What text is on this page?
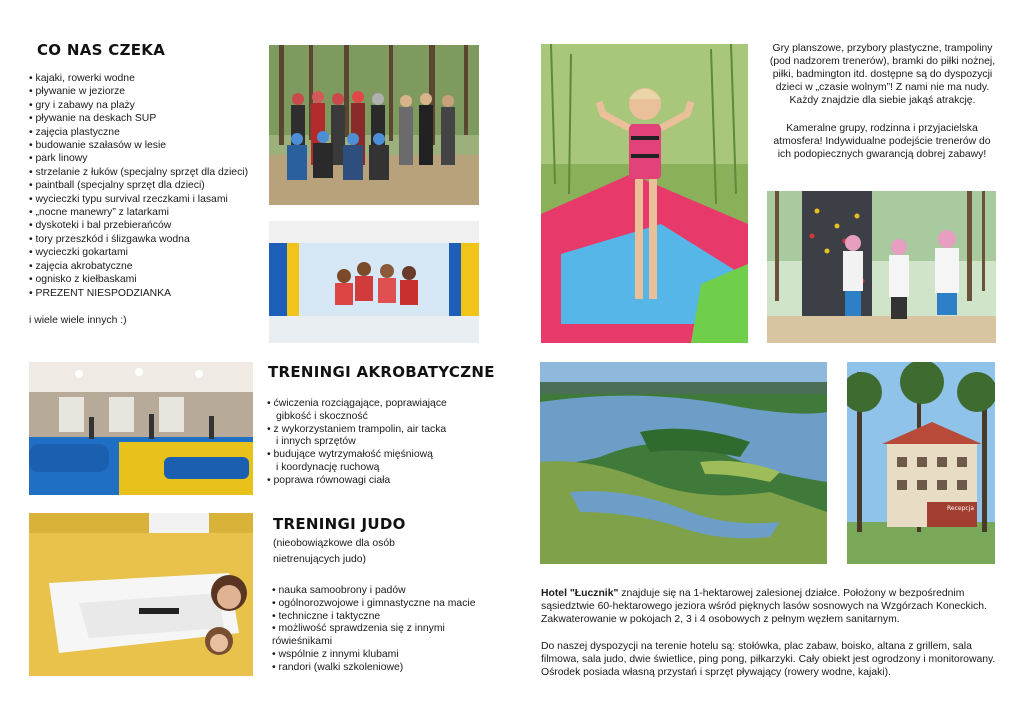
CO NAS CZEKA
• kajaki, rowerki wodne
• pływanie w jeziorze
• gry i zabawy na plaży
• pływanie na deskach SUP
• zajęcia plastyczne
• budowanie szałasów w lesie
• park linowy
• strzelanie z łuków (specjalny sprzęt dla dzieci)
• paintball (specjalny sprzęt dla dzieci)
• wycieczki typu survival rzeczkami i lasami
• „nocne manewry” z latarkami
• dyskoteki i bal przebierańców
• tory przeszkód i ślizgawka wodna
• wycieczki gokartami
• zajęcia akrobatyczne
• ognisko z kiełbaskami
• PREZENT NIESPODZIANKA

i wiele wiele innych :)

TRENINGI AKROBATYCZNE
• ćwiczenia rozciągające, poprawiające
gibkość i skoczność
• z wykorzystaniem trampolin, air tacka
i innych sprzętów
• budujące wytrzymałość mięśniową
i koordynację ruchową
• poprawa równowagi ciała
TRENINGI JUDO

(nieobowiązkowe dla osób

nietrenujących judo)

• nauka samoobrony i padów
• ogólnorozwojowe i gimnastyczne na macie
• techniczne i taktyczne
• możliwość sprawdzenia się z innymi
rówieśnikami
• wspólnie z innymi klubami
• randori (walki szkoleniowe)

Gry planszowe, przybory plastyczne, trampoliny (pod nadzorem trenerów), bramki do piłki nożnej, piłki, badmington itd. dostępne są do dyspozycji dzieci w „czasie wolnym”! Z nami nie ma nudy. Każdy znajdzie dla siebie jakąś atrakcję.

Kameralne grupy, rodzinna i przyjacielska atmosfera! Indywidualne podejście trenerów do ich podopiecznych gwarancją dobrej zabawy!

Recepcja

Hotel "Łucznik" znajduje się na 1-hektarowej zalesionej działce. Położony w bezpośrednim sąsiedztwie 60-hektarowego jeziora wśród pięknych lasów sosnowych na Wzgórzach Koneckich. Zakwaterowanie w pokojach 2, 3 i 4 osobowych z pełnym węzłem sanitarnym.

Do naszej dyspozycji na terenie hotelu są: stołówka, plac zabaw, boisko, altana z grillem, sala filmowa, sala judo, dwie świetlice, ping pong, piłkarzyki. Cały obiekt jest ogrodzony i monitorowany. Ośrodek posiada własną przystań i sprzęt pływający (rowery wodne, kajaki).
